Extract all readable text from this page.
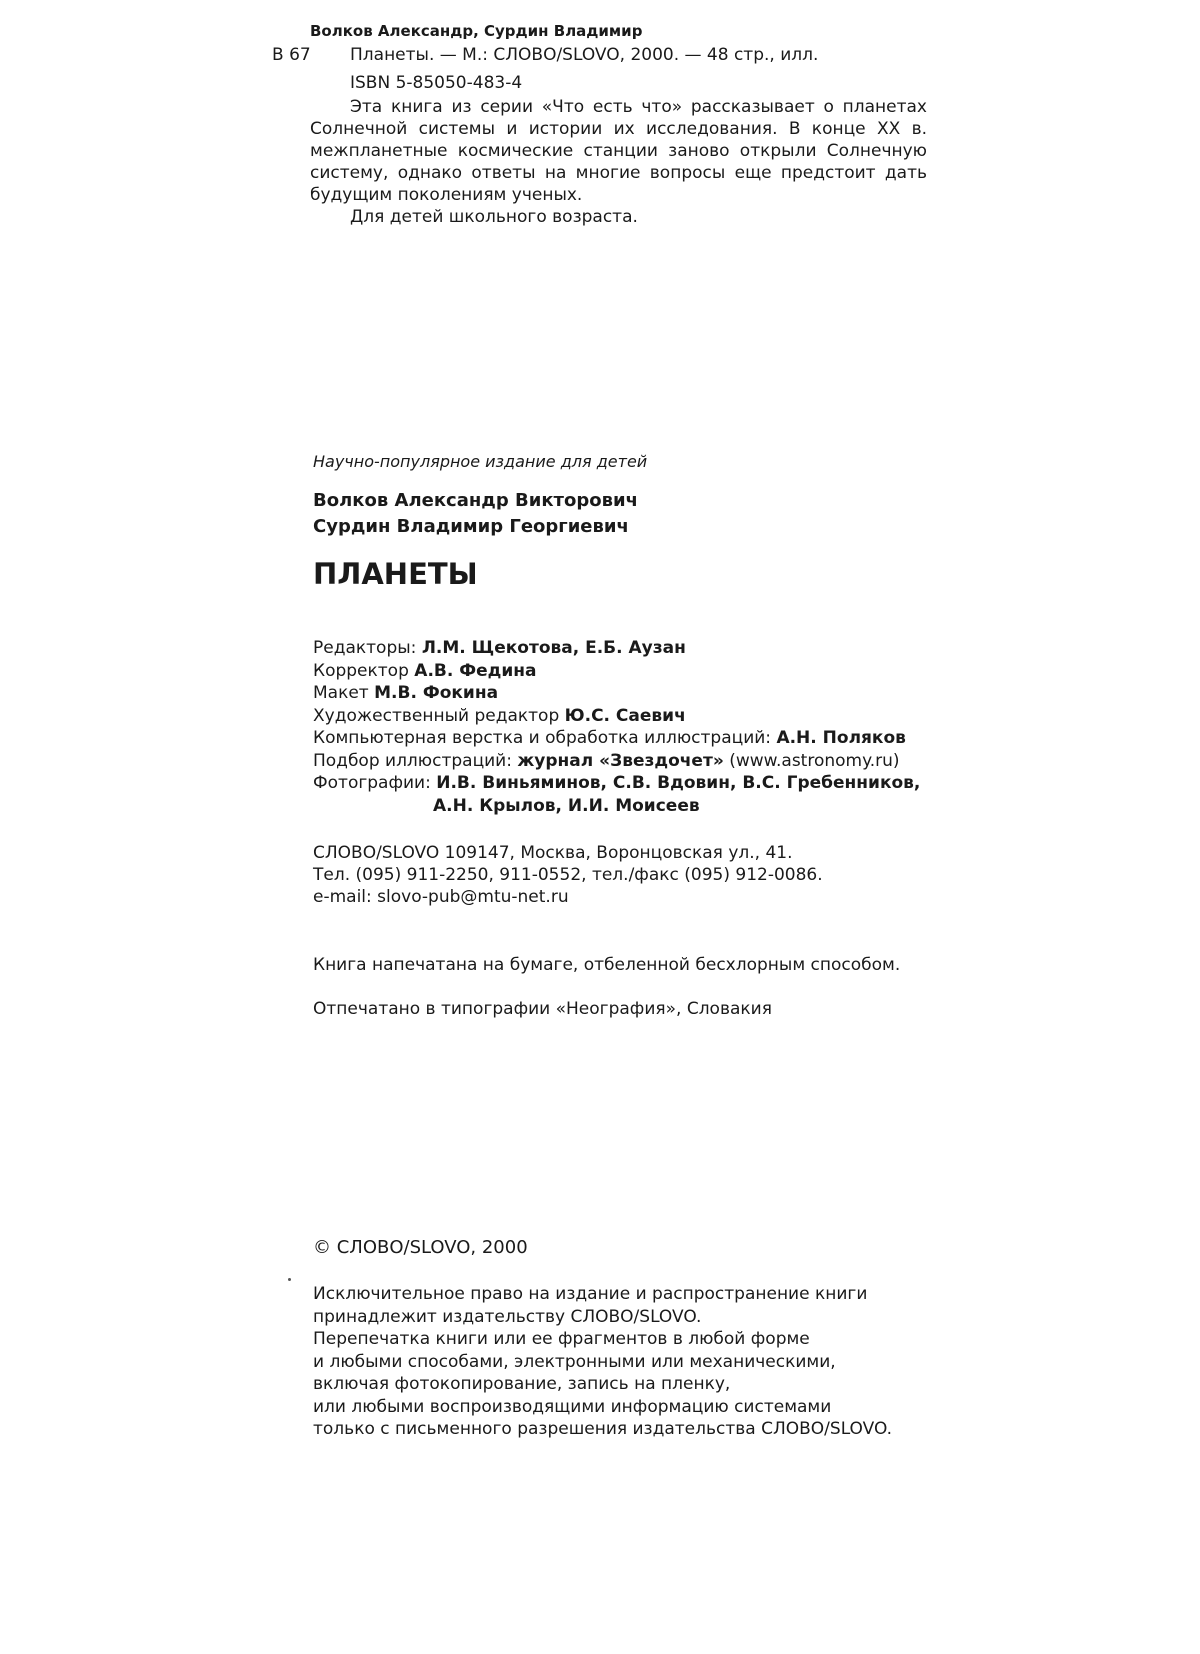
Волков Александр, Сурдин Владимир
В 67 Планеты. — М.: СЛОВО/SLOVO, 2000. — 48 стр., илл.
ISBN 5-85050-483-4

Эта книга из серии «Что есть что» рассказывает о планетах Солнечной системы и истории их исследования. В конце XX в. межпланетные космические станции заново открыли Солнечную систему, однако ответы на многие вопросы еще предстоит дать будущим поколениям ученых.

Для детей школьного возраста.

Научно-популярное издание для детей
Волков Александр Викторович
Сурдин Владимир Георгиевич
ПЛАНЕТЫ
Редакторы: Л.М. Щекотова, Е.Б. Аузан
Корректор А.В. Федина
Макет М.В. Фокина
Художественный редактор Ю.С. Саевич
Компьютерная верстка и обработка иллюстраций: А.Н. Поляков
Подбор иллюстраций: журнал «Звездочет» (www.astronomy.ru)
Фотографии: И.В. Виньяминов, С.В. Вдовин, В.С. Гребенников,
А.Н. Крылов, И.И. Моисеев
СЛОВО/SLOVO 109147, Москва, Воронцовская ул., 41.
Тел. (095) 911-2250, 911-0552, тел./факс (095) 912-0086.
e-mail: slovo-pub@mtu-net.ru
Книга напечатана на бумаге, отбеленной бесхлорным способом.
Отпечатано в типографии «Неография», Словакия
© СЛОВО/SLOVO, 2000
Исключительное право на издание и распространение книги
принадлежит издательству СЛОВО/SLOVO.
Перепечатка книги или ее фрагментов в любой форме
и любыми способами, электронными или механическими,
включая фотокопирование, запись на пленку,
или любыми воспроизводящими информацию системами
только с письменного разрешения издательства СЛОВО/SLOVO.
